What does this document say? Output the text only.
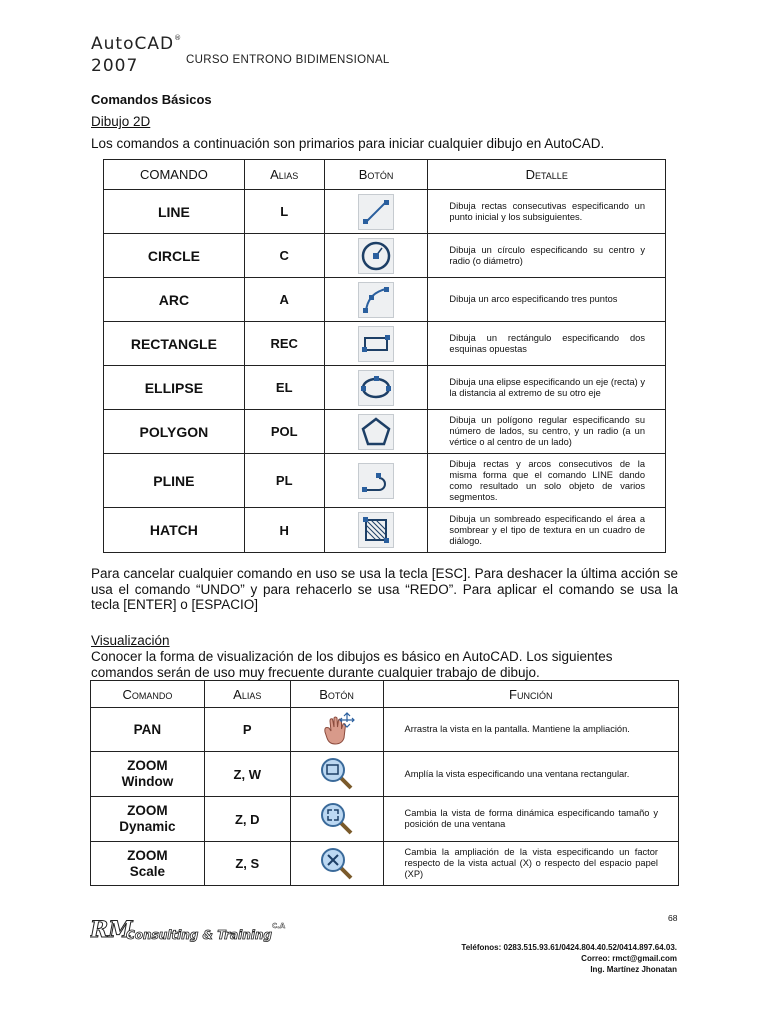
AutoCAD®
2007	CURSO ENTRONO BIDIMENSIONAL
Comandos Básicos
Dibujo 2D
Los comandos a continuación son primarios para iniciar cualquier dibujo en AutoCAD.
COMANDO	Alias	Botón	Detalle
LINE	L		Dibuja rectas consecutivas especificando un punto inicial y los subsiguientes.
CIRCLE	C		Dibuja un círculo especificando su centro y radio (o diámetro)
ARC	A		Dibuja un arco especificando tres puntos
RECTANGLE	REC		Dibuja un rectángulo especificando dos esquinas opuestas
ELLIPSE	EL		Dibuja una elipse especificando un eje (recta) y la distancia al extremo de su otro eje
POLYGON	POL		Dibuja un polígono regular especificando su número de lados, su centro, y un radio (a un vértice o al centro de un lado)
PLINE	PL		Dibuja rectas y arcos consecutivos de la misma forma que el comando LINE dando como resultado un solo objeto de varios segmentos.
HATCH	H		Dibuja un sombreado especificando el área a sombrear y el tipo de textura en un cuadro de diálogo.
Para cancelar cualquier comando en uso se usa la tecla [ESC]. Para deshacer la última acción se usa el comando “UNDO” y para rehacerlo se usa “REDO”. Para aplicar el comando se usa la tecla [ENTER] o [ESPACIO]
Visualización
Conocer la forma de visualización de los dibujos es básico en AutoCAD. Los siguientes comandos serán de uso muy frecuente durante cualquier trabajo de dibujo.
Comando	Alias	Botón	Función

PAN	P		Arrastra la vista en la pantalla. Mantiene la ampliación.

ZOOM
Window	Z, W		Amplía la vista especificando una ventana rectangular.

ZOOM
Dynamic	Z, D		Cambia la vista de forma dinámica especificando tamaño y posición de una ventana

ZOOM
Scale	Z, S		Cambia la ampliación de la vista especificando un factor respecto de la vista actual (X) o respecto del espacio papel (XP)
68
RM
Consulting & Training
C.A
Teléfonos: 0283.515.93.61/0424.804.40.52/0414.897.64.03.
Correo: rmct@gmail.com
Ing. Martínez Jhonatan
